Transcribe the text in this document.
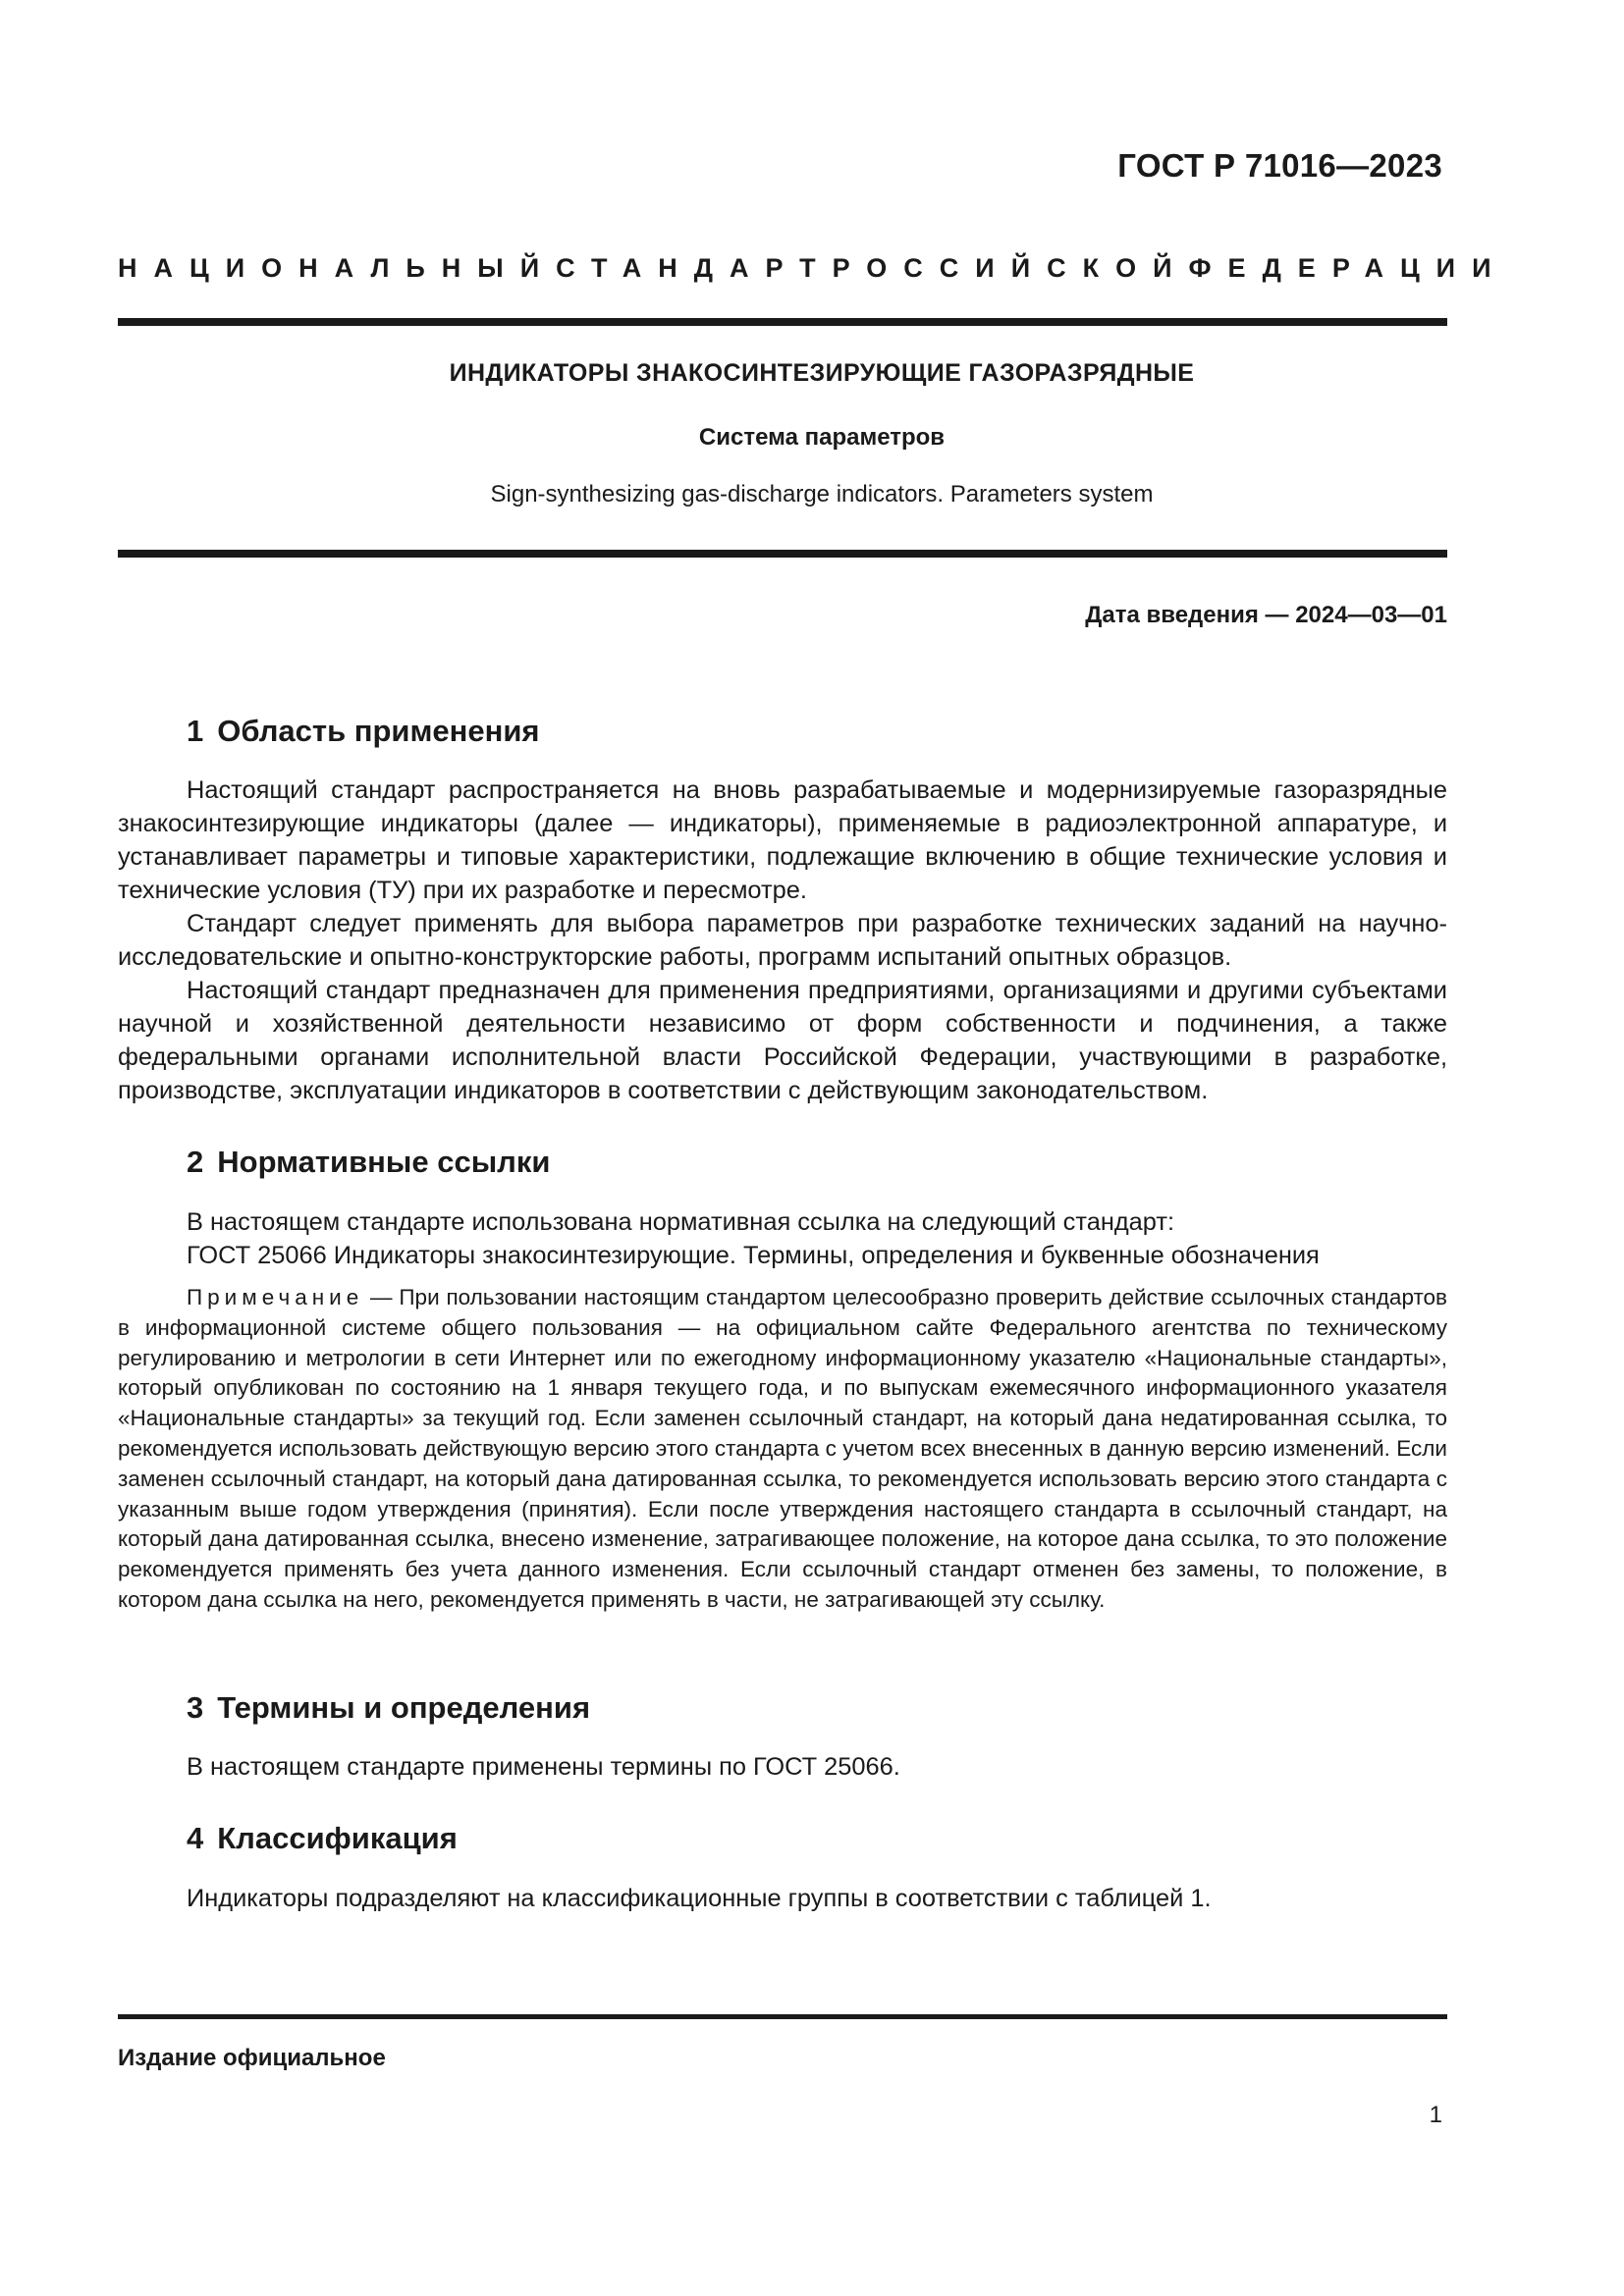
ГОСТ Р 71016—2023
НАЦИОНАЛЬНЫЙ СТАНДАРТ РОССИЙСКОЙ ФЕДЕРАЦИИ
ИНДИКАТОРЫ ЗНАКОСИНТЕЗИРУЮЩИЕ ГАЗОРАЗРЯДНЫЕ
Система параметров
Sign-synthesizing gas-discharge indicators. Parameters system
Дата введения — 2024—03—01
1 Область применения

Настоящий стандарт распространяется на вновь разрабатываемые и модернизируемые газоразрядные знакосинтезирующие индикаторы (далее — индикаторы), применяемые в радиоэлектронной аппаратуре, и устанавливает параметры и типовые характеристики, подлежащие включению в общие технические условия и технические условия (ТУ) при их разработке и пересмотре.

Стандарт следует применять для выбора параметров при разработке технических заданий на научно-исследовательские и опытно-конструкторские работы, программ испытаний опытных образцов.

Настоящий стандарт предназначен для применения предприятиями, организациями и другими субъектами научной и хозяйственной деятельности независимо от форм собственности и подчинения, а также федеральными органами исполнительной власти Российской Федерации, участвующими в разработке, производстве, эксплуатации индикаторов в соответствии с действующим законодательством.

2 Нормативные ссылки
В настоящем стандарте использована нормативная ссылка на следующий стандарт:
ГОСТ 25066 Индикаторы знакосинтезирующие. Термины, определения и буквенные обозначения

Примечание — При пользовании настоящим стандартом целесообразно проверить действие ссылочных стандартов в информационной системе общего пользования — на официальном сайте Федерального агентства по техническому регулированию и метрологии в сети Интернет или по ежегодному информационному указателю «Национальные стандарты», который опубликован по состоянию на 1 января текущего года, и по выпускам ежемесячного информационного указателя «Национальные стандарты» за текущий год. Если заменен ссылочный стандарт, на который дана недатированная ссылка, то рекомендуется использовать действующую версию этого стандарта с учетом всех внесенных в данную версию изменений. Если заменен ссылочный стандарт, на который дана датированная ссылка, то рекомендуется использовать версию этого стандарта с указанным выше годом утверждения (принятия). Если после утверждения настоящего стандарта в ссылочный стандарт, на который дана датированная ссылка, внесено изменение, затрагивающее положение, на которое дана ссылка, то это положение рекомендуется применять без учета данного изменения. Если ссылочный стандарт отменен без замены, то положение, в котором дана ссылка на него, рекомендуется применять в части, не затрагивающей эту ссылку.

3 Термины и определения
В настоящем стандарте применены термины по ГОСТ 25066.
4 Классификация
Индикаторы подразделяют на классификационные группы в соответствии с таблицей 1.
Издание официальное
1
